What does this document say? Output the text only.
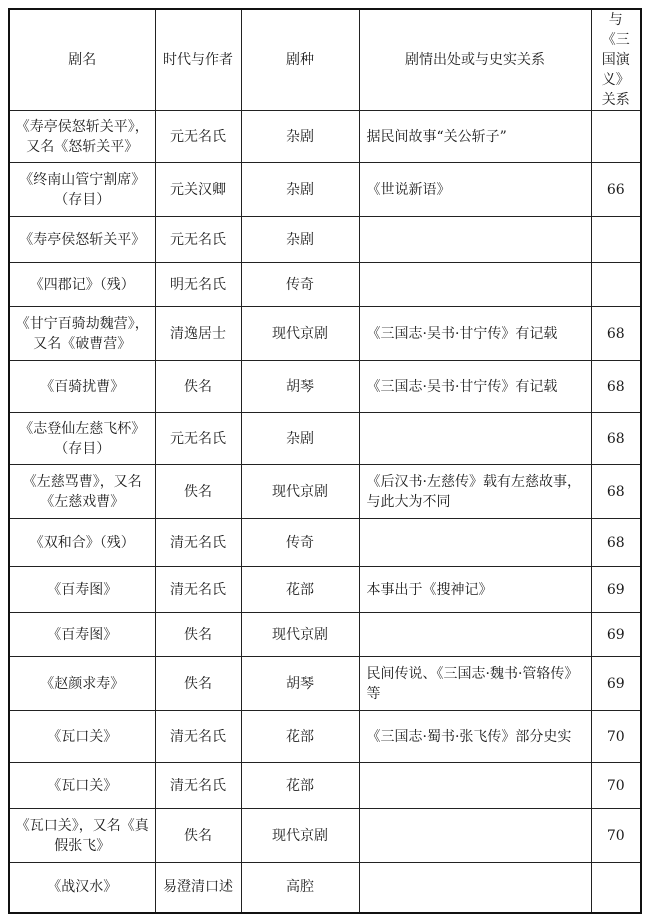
剧名	时代与作者	剧种	剧情出处或与史实关系	与《三国演义》关系

《寿亭侯怒斩关平》，又名《怒斩关平》	元无名氏	杂剧	据民间故事“关公斩子”	
《终南山管宁割席》（存目）	元关汉卿	杂剧	《世说新语》	66
《寿亭侯怒斩关平》	元无名氏	杂剧		
《四郡记》（残）	明无名氏	传奇		
《甘宁百骑劫魏营》，又名《破曹营》	清逸居士	现代京剧	《三国志·吴书·甘宁传》有记载	68
《百骑扰曹》	佚名	胡琴	《三国志·吴书·甘宁传》有记载	68
《志登仙左慈飞杯》（存目）	元无名氏	杂剧		68
《左慈骂曹》，又名《左慈戏曹》	佚名	现代京剧	《后汉书·左慈传》载有左慈故事，与此大为不同	68
《双和合》（残）	清无名氏	传奇		68
《百寿图》	清无名氏	花部	本事出于《搜神记》	69
《百寿图》	佚名	现代京剧		69
《赵颜求寿》	佚名	胡琴	民间传说、《三国志·魏书·管辂传》等	69
《瓦口关》	清无名氏	花部	《三国志·蜀书·张飞传》部分史实	70
《瓦口关》	清无名氏	花部		70
《瓦口关》，又名《真假张飞》	佚名	现代京剧		70
《战汉水》	易澄清口述	高腔		
